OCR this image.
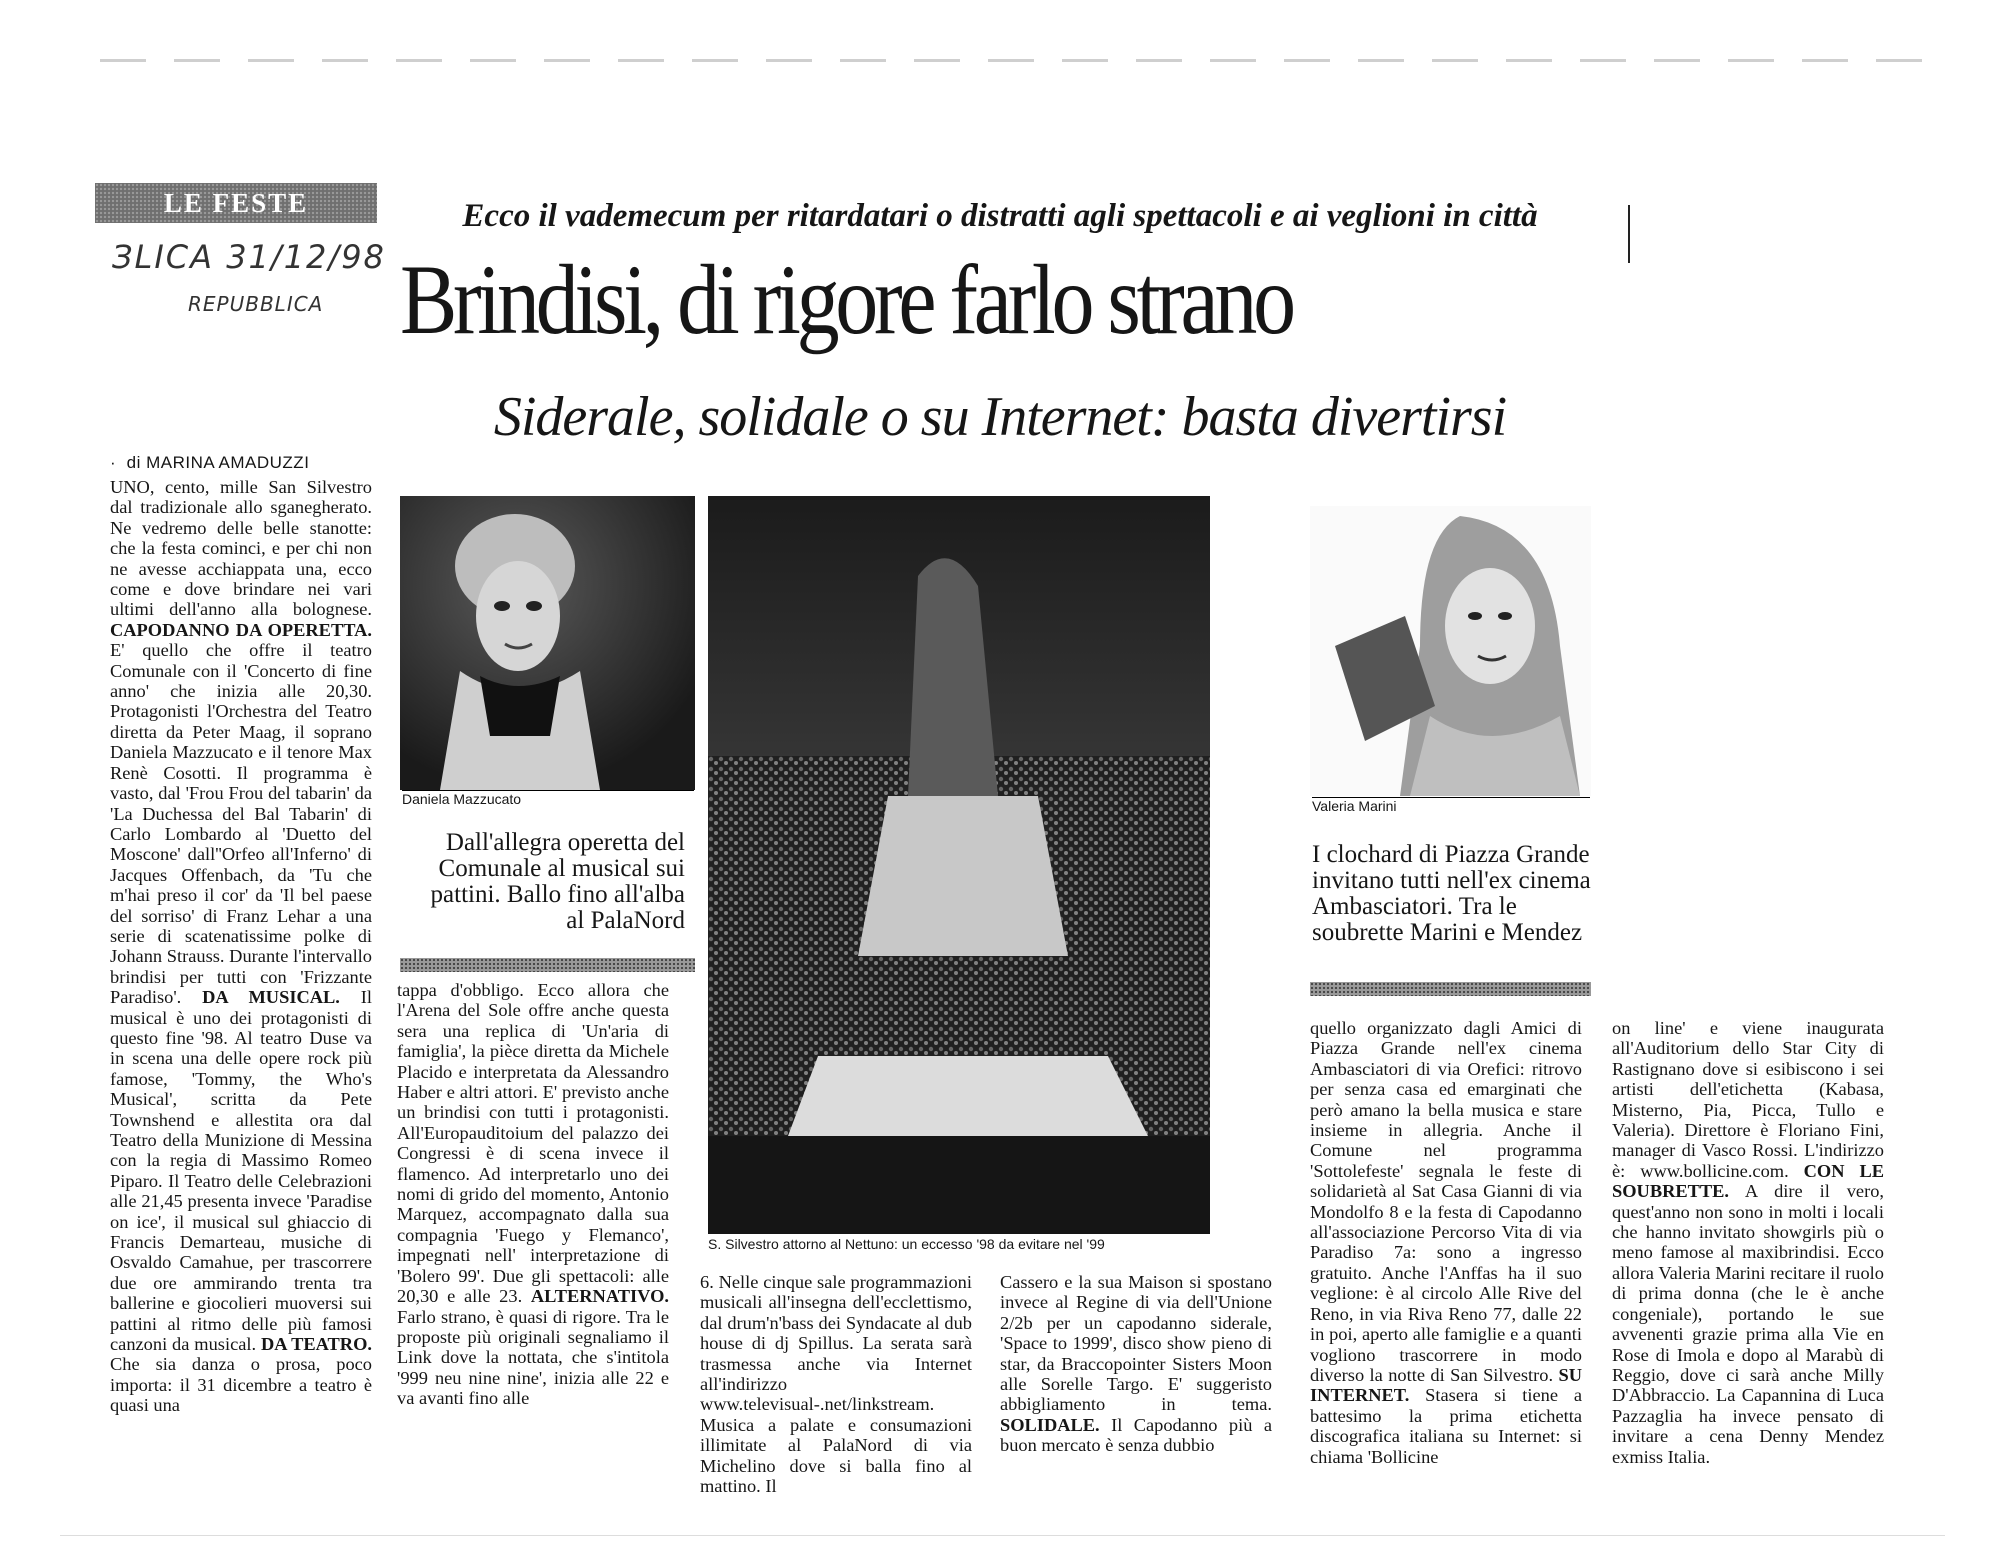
LE FESTE
ЗLICA 31/12/98
REPUBBLICA
Ecco il vademecum per ritardatari o distratti agli spettacoli e ai veglioni in città
Brindisi, di rigore farlo strano
Siderale, solidale o su Internet: basta divertirsi
·  di MARINA AMADUZZI
UNO, cento, mille San Silvestro dal tradizionale allo sganegherato. Ne vedremo delle belle stanotte: che la festa cominci, e per chi non ne avesse acchiappata una, ecco come e dove brindare nei vari ultimi dell'anno alla bolognese. CAPODANNO DA OPERETTA. E' quello che offre il teatro Comunale con il 'Concerto di fine anno' che inizia alle 20,30. Protagonisti l'Orchestra del Teatro diretta da Peter Maag, il soprano Daniela Mazzucato e il tenore Max Renè Cosotti. Il programma è vasto, dal 'Frou Frou del tabarin' da 'La Duchessa del Bal Tabarin' di Carlo Lombardo al 'Duetto del Moscone' dall''Orfeo all'Inferno' di Jacques Offenbach, da 'Tu che m'hai preso il cor' da 'Il bel paese del sorriso' di Franz Lehar a una serie di scatenatissime polke di Johann Strauss. Durante l'intervallo brindisi per tutti con 'Frizzante Paradiso'. DA MUSICAL. Il musical è uno dei protagonisti di questo fine '98. Al teatro Duse va in scena una delle opere rock più famose, 'Tommy, the Who's Musical', scritta da Pete Townshend e allestita ora dal Teatro della Munizione di Messina con la regia di Massimo Romeo Piparo. Il Teatro delle Celebrazioni alle 21,45 presenta invece 'Paradise on ice', il musical sul ghiaccio di Francis Demarteau, musiche di Osvaldo Camahue, per trascorrere due ore ammirando trenta tra ballerine e giocolieri muoversi sui pattini al ritmo delle più famosi canzoni da musical. DA TEATRO. Che sia danza o prosa, poco importa: il 31 dicembre a teatro è quasi una
Daniela Mazzucato
S. Silvestro attorno al Nettuno: un eccesso '98 da evitare nel '99
Valeria Marini
Dall'allegra operetta del Comunale al musical sui pattini. Ballo fino all'alba al PalaNord
I clochard di Piazza Grande invitano tutti nell'ex cinema Ambasciatori. Tra le soubrette Marini e Mendez
tappa d'obbligo. Ecco allora che l'Arena del Sole offre anche questa sera una replica di 'Un'aria di famiglia', la pièce diretta da Michele Placido e interpretata da Alessandro Haber e altri attori. E' previsto anche un brindisi con tutti i protagonisti. All'Europauditoium del palazzo dei Congressi è di scena invece il flamenco. Ad interpretarlo uno dei nomi di grido del momento, Antonio Marquez, accompagnato dalla sua compagnia 'Fuego y Flemanco', impegnati nell' interpretazione di 'Bolero 99'. Due gli spettacoli: alle 20,30 e alle 23. ALTERNATIVO. Farlo strano, è quasi di rigore. Tra le proposte più originali segnaliamo il Link dove la nottata, che s'intitola '999 neu nine nine', inizia alle 22 e va avanti fino alle
6. Nelle cinque sale programmazioni musicali all'insegna dell'ecclettismo, dal drum'n'bass dei Syndacate al dub house di dj Spillus. La serata sarà trasmessa anche via Internet all'indirizzo www.televisual-.net/linkstream. Musica a palate e consumazioni illimitate al PalaNord di via Michelino dove si balla fino al mattino. Il
Cassero e la sua Maison si spostano invece al Regine di via dell'Unione 2/2b per un capodanno siderale, 'Space to 1999', disco show pieno di star, da Braccopointer Sisters Moon alle Sorelle Targo. E' suggeristo abbigliamento in tema. SOLIDALE. Il Capodanno più a buon mercato è senza dubbio
quello organizzato dagli Amici di Piazza Grande nell'ex cinema Ambasciatori di via Orefici: ritrovo per senza casa ed emarginati che però amano la bella musica e stare insieme in allegria. Anche il Comune nel programma 'Sottolefeste' segnala le feste di solidarietà al Sat Casa Gianni di via Mondolfo 8 e la festa di Capodanno all'associazione Percorso Vita di via Paradiso 7a: sono a ingresso gratuito. Anche l'Anffas ha il suo veglione: è al circolo Alle Rive del Reno, in via Riva Reno 77, dalle 22 in poi, aperto alle famiglie e a quanti vogliono trascorrere in modo diverso la notte di San Silvestro. SU INTERNET. Stasera si tiene a battesimo la prima etichetta discografica italiana su Internet: si chiama 'Bollicine
on line' e viene inaugurata all'Auditorium dello Star City di Rastignano dove si esibiscono i sei artisti dell'etichetta (Kabasa, Misterno, Pia, Picca, Tullo e Valeria). Direttore è Floriano Fini, manager di Vasco Rossi. L'indirizzo è: www.bollicine.com. CON LE SOUBRETTE. A dire il vero, quest'anno non sono in molti i locali che hanno invitato showgirls più o meno famose al maxibrindisi. Ecco allora Valeria Marini recitare il ruolo di prima donna (che le è anche congeniale), portando le sue avvenenti grazie prima alla Vie en Rose di Imola e dopo al Marabù di Reggio, dove ci sarà anche Milly D'Abbraccio. La Capannina di Luca Pazzaglia ha invece pensato di invitare a cena Denny Mendez exmiss Italia.
